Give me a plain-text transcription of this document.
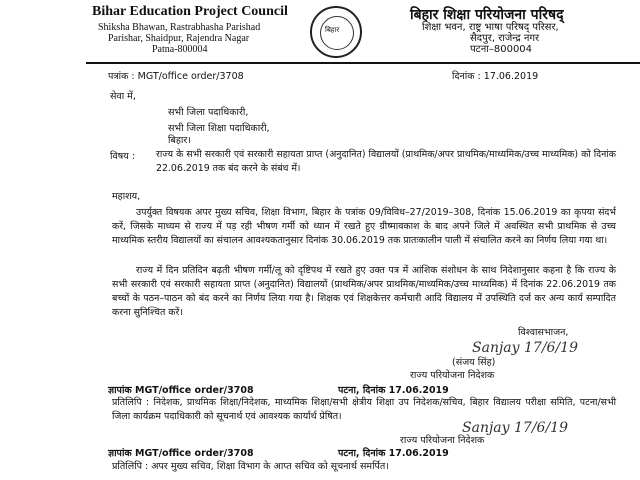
Bihar Education Project Council
Shiksha Bhawan, Rastrabhasha Parishad
Parishar, Shaidpur, Rajendra Nagar
Patna-800004
बिहार
बिहार शिक्षा परियोजना परिषद्
शिक्षा भवन, राष्ट्र भाषा परिषद् परिसर,
सैदपुर, राजेन्द्र नगर
पटना–800004
पत्रांक : MGT/office order/3708	दिनांक : 17.06.2019
सेवा में,
सभी जिला पदाधिकारी,
सभी जिला शिक्षा पदाधिकारी,
बिहार।
विषय : राज्य के सभी सरकारी एवं सरकारी सहायता प्राप्त (अनुदानित) विद्यालयों (प्राथमिक/अपर प्राथमिक/माध्यमिक/उच्च माध्यमिक) को दिनांक 22.06.2019 तक बंद करने के संबंध में।
महाशय,
उपर्युक्त विषयक अपर मुख्य सचिव, शिक्षा विभाग, बिहार के पत्रांक 09/विविध–27/2019–308, दिनांक 15.06.2019 का कृपया संदर्भ करें, जिसके माध्यम से राज्य में पड़ रही भीषण गर्मी को ध्यान में रखते हुए ग्रीष्मावकाश के बाद अपने जिले में अवस्थित सभी प्राथमिक से उच्च माध्यमिक स्तरीय विद्यालयों का संचालन आवश्यकतानुसार दिनांक 30.06.2019 तक प्रातःकालीन पाली में संचालित करने का निर्णय लिया गया था।
राज्य में दिन प्रतिदिन बढ़ती भीषण गर्मी/लू को दृष्टिपथ में रखते हुए उक्त पत्र में आंशिक संशोधन के साथ निदेशानुसार कहना है कि राज्य के सभी सरकारी एवं सरकारी सहायता प्राप्त (अनुदानित) विद्यालयों (प्राथमिक/अपर प्राथमिक/माध्यमिक/उच्च माध्यमिक) में दिनांक 22.06.2019 तक बच्चों के पठन–पाठन को बंद करने का निर्णय लिया गया है। शिक्षक एवं शिक्षकेत्तर कर्मचारी आदि विद्यालय में उपस्थिति दर्ज कर अन्य कार्य सम्पादित करना सुनिश्चित करें।
विश्वासभाजन,
Sanjay 17/6/19
(संजय सिंह)
राज्य परियोजना निदेशक
ज्ञापांक MGT/office order/3708	पटना, दिनांक 17.06.2019
प्रतिलिपि : निदेशक, प्राथमिक शिक्षा/निदेशक, माध्यमिक शिक्षा/सभी क्षेत्रीय शिक्षा उप निदेशक/सचिव, बिहार विद्यालय परीक्षा समिति, पटना/सभी जिला कार्यक्रम पदाधिकारी को सूचनार्थ एवं आवश्यक कार्यार्थ प्रेषित।
Sanjay 17/6/19
राज्य परियोजना निदेशक
ज्ञापांक MGT/office order/3708	पटना, दिनांक 17.06.2019
प्रतिलिपि : अपर मुख्य सचिव, शिक्षा विभाग के आप्त सचिव को सूचनार्थ समर्पित।
